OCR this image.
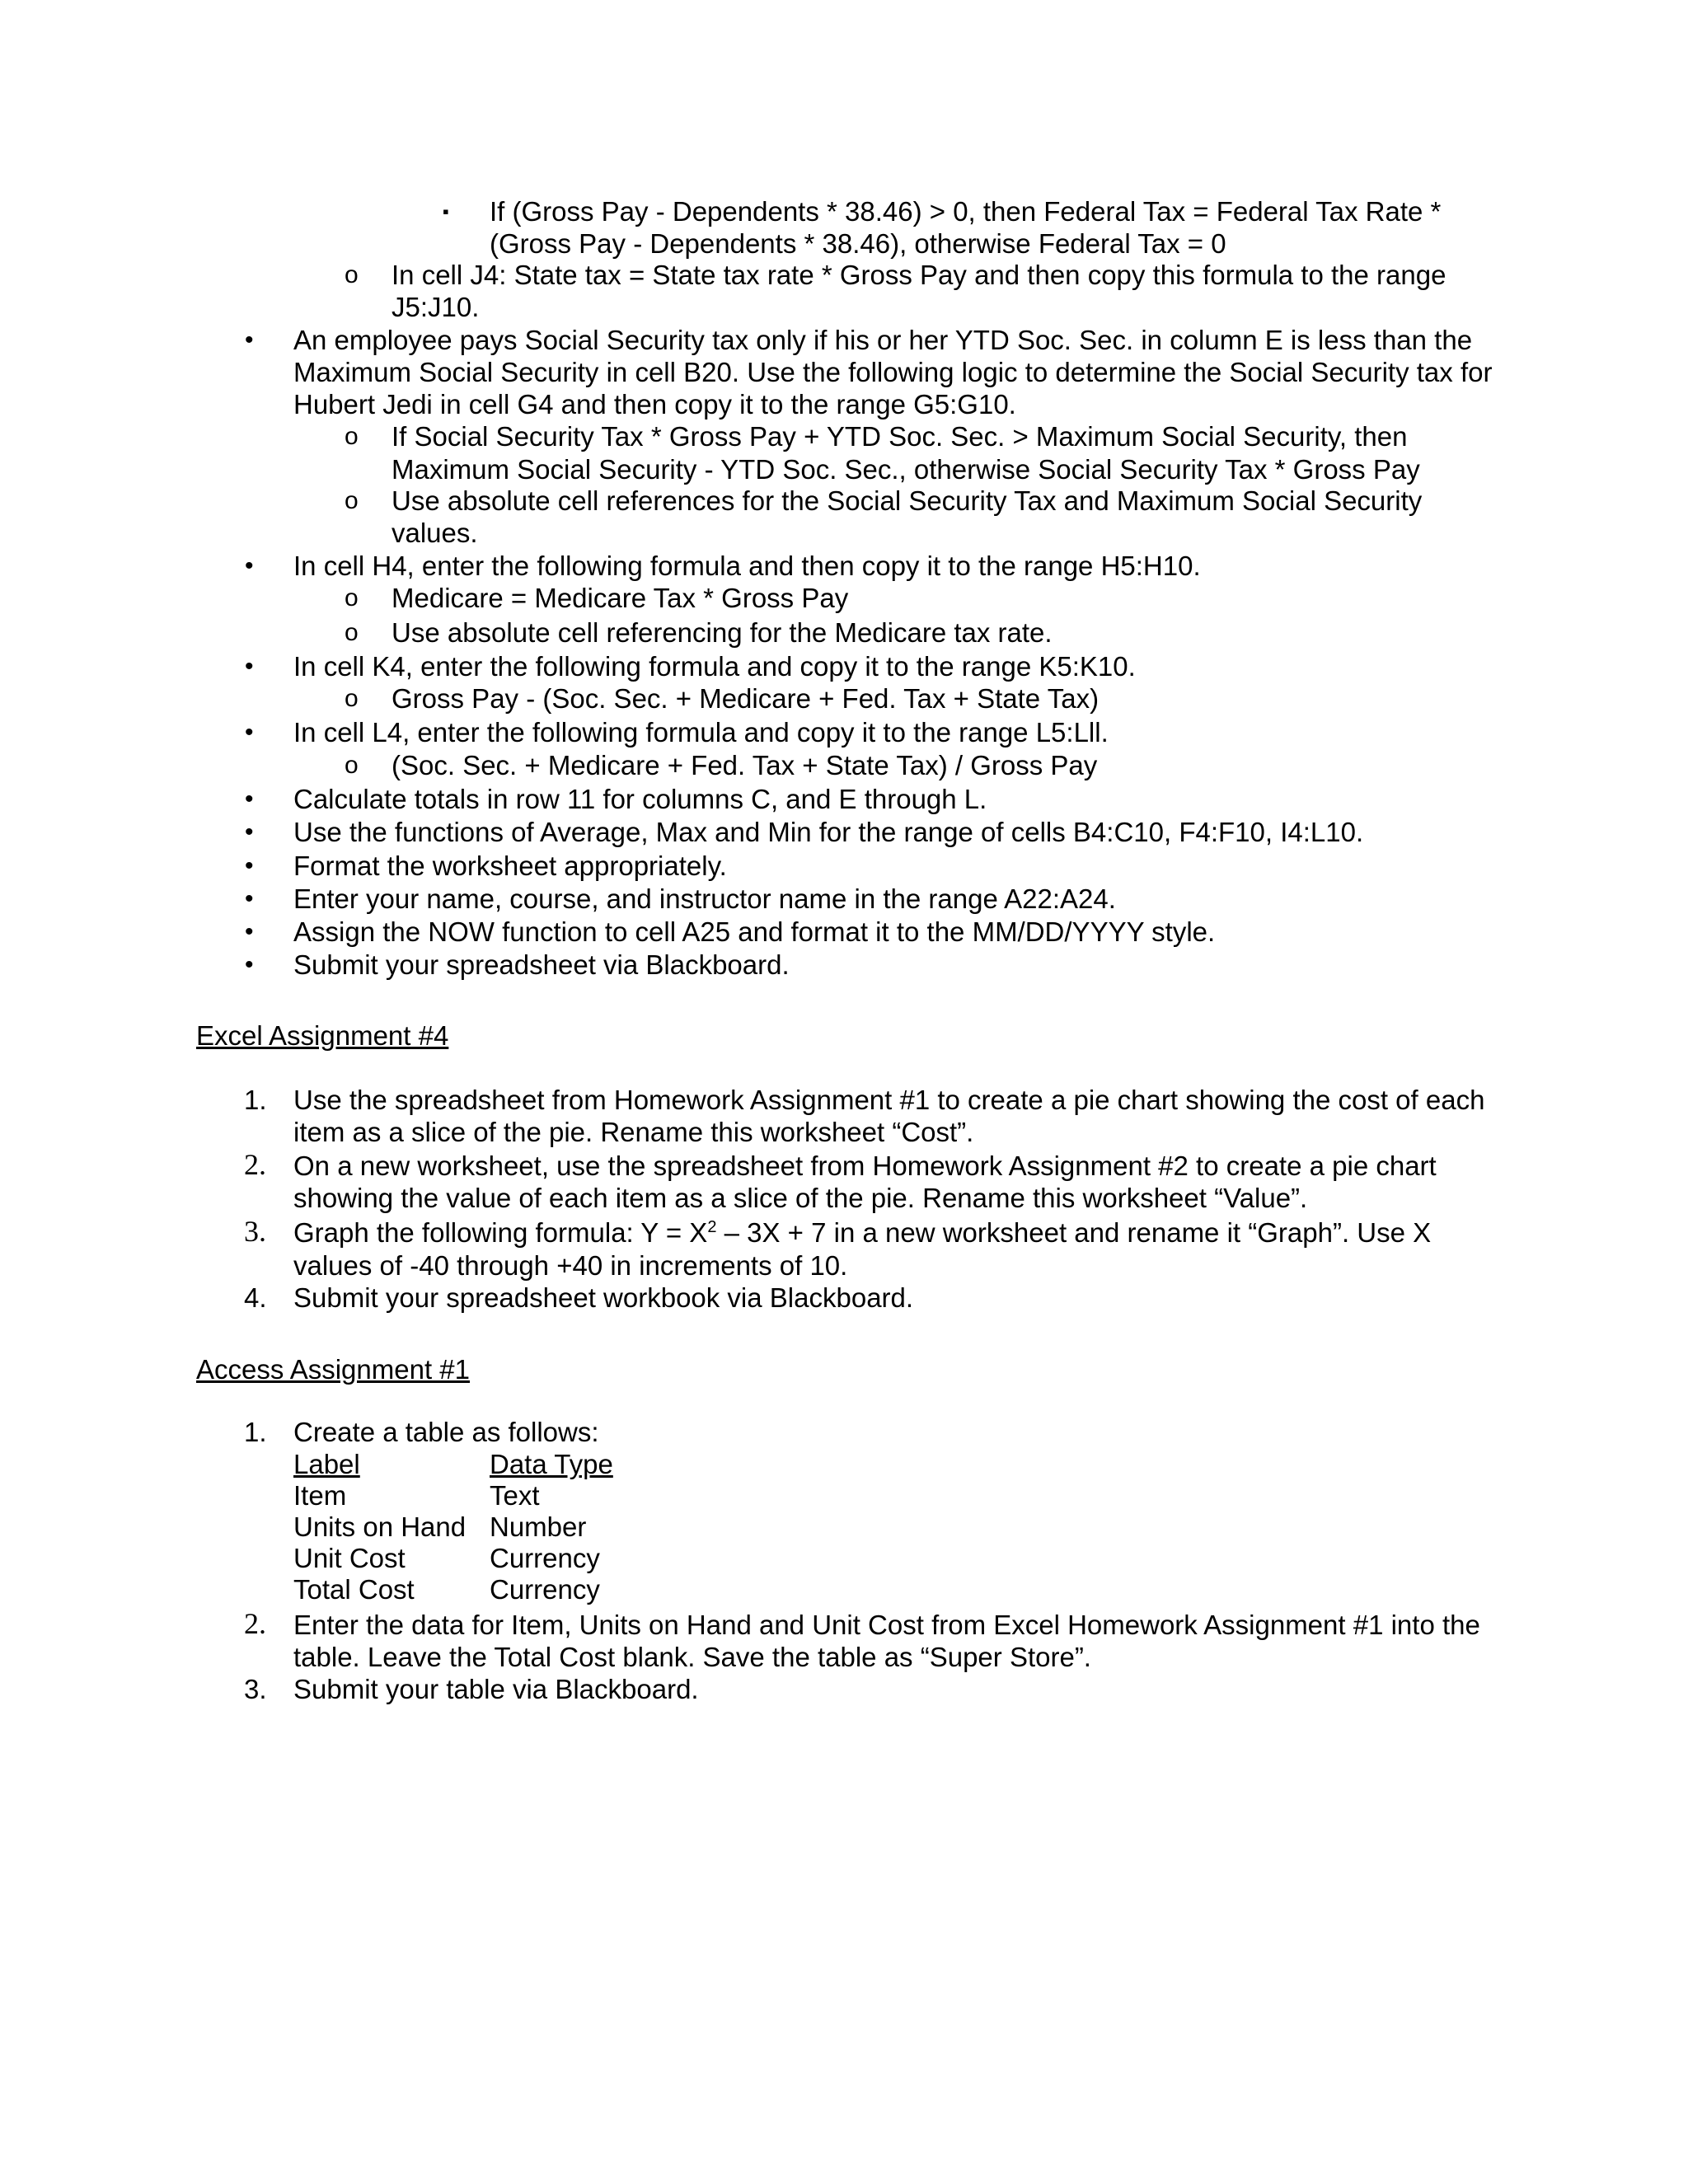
▪ If (Gross Pay - Dependents * 38.46) > 0, then Federal Tax = Federal Tax Rate *
(Gross Pay - Dependents * 38.46), otherwise Federal Tax = 0
o In cell J4: State tax = State tax rate * Gross Pay and then copy this formula to the range
J5:J10.
• An employee pays Social Security tax only if his or her YTD Soc. Sec. in column E is less than the
Maximum Social Security in cell B20. Use the following logic to determine the Social Security tax for
Hubert Jedi in cell G4 and then copy it to the range G5:G10.
o If Social Security Tax * Gross Pay + YTD Soc. Sec. > Maximum Social Security, then
Maximum Social Security - YTD Soc. Sec., otherwise Social Security Tax * Gross Pay
o Use absolute cell references for the Social Security Tax and Maximum Social Security
values.
• In cell H4, enter the following formula and then copy it to the range H5:H10.
o Medicare = Medicare Tax * Gross Pay
o Use absolute cell referencing for the Medicare tax rate.
• In cell K4, enter the following formula and copy it to the range K5:K10.
o Gross Pay - (Soc. Sec. + Medicare + Fed. Tax + State Tax)
• In cell L4, enter the following formula and copy it to the range L5:Lll.
o (Soc. Sec. + Medicare + Fed. Tax + State Tax) / Gross Pay
• Calculate totals in row 11 for columns C, and E through L.
• Use the functions of Average, Max and Min for the range of cells B4:C10, F4:F10, I4:L10.
• Format the worksheet appropriately.
• Enter your name, course, and instructor name in the range A22:A24.
• Assign the NOW function to cell A25 and format it to the MM/DD/YYYY style.
• Submit your spreadsheet via Blackboard.
Excel Assignment #4
1. Use the spreadsheet from Homework Assignment #1 to create a pie chart showing the cost of each
item as a slice of the pie. Rename this worksheet “Cost”.
2. On a new worksheet, use the spreadsheet from Homework Assignment #2 to create a pie chart
showing the value of each item as a slice of the pie. Rename this worksheet “Value”.
3. Graph the following formula: $Y = X^2 - 3X + 7$ in a new worksheet and rename it “Graph”. Use X
values of -40 through +40 in increments of 10.
4. Submit your spreadsheet workbook via Blackboard.
Access Assignment #1
1. Create a table as follows:
Label	Data Type
Item	Text
Units on Hand Number
Unit Cost	Currency
Total Cost	Currency
2. Enter the data for Item, Units on Hand and Unit Cost from Excel Homework Assignment #1 into the
table. Leave the Total Cost blank. Save the table as “Super Store”.
3. Submit your table via Blackboard.
